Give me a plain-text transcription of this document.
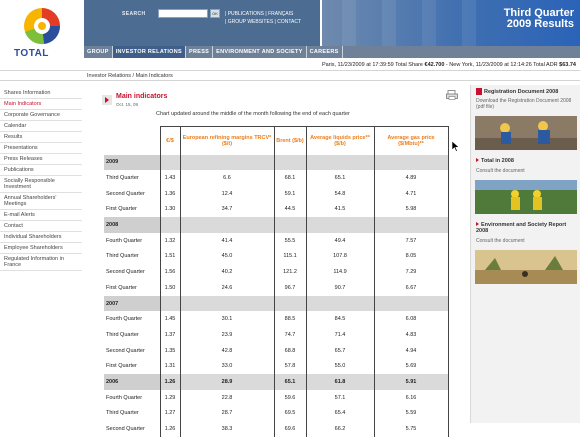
TOTAL
SEARCH	OK	| PUBLICATIONS | FRANÇAIS
| GROUP WEBSITES | CONTACT
Third Quarter
2009 Results
GROUP	INVESTOR RELATIONS	PRESS	ENVIRONMENT AND SOCIETY	CAREERS
Paris, 11/23/2009 at 17:39:59 Total Share €42.700 - New York, 11/23/2009 at 12:14:26 Total ADR $63.74
Investor Relations / Main Indicators
Shares Information
Main Indicators
Corporate Governance
Calendar
Results
Presentations
Press Releases
Publications
Socially Responsible Investment
Annual Shareholders' Meetings
E-mail Alerts
Contact
Individual Shareholders
Employee Shareholders
Regulated Information in France
Main indicators
Oct. 15, 09
Chart updated around the middle of the month following the end of each quarter
	€/$	European refining margins TRCV* ($/t)	Brent ($/b)	Average liquids price** ($/b)	Average gas price ($/Mbtu)**
2009					
Third Quarter	1.43	6.6	68.1	65.1	4.89
Second Quarter	1.36	12.4	59.1	54.8	4.71
First Quarter	1.30	34.7	44.5	41.5	5.98
2008					
Fourth Quarter	1.32	41.4	55.5	49.4	7.57
Third Quarter	1.51	45.0	115.1	107.8	8.05
Second Quarter	1.56	40.2	121.2	114.9	7.29
First Quarter	1.50	24.6	96.7	90.7	6.67
2007					
Fourth Quarter	1.45	30.1	88.5	84.5	6.08
Third Quarter	1.37	23.9	74.7	71.4	4.83
Second Quarter	1.35	42.8	68.8	65.7	4.94
First Quarter	1.31	33.0	57.8	55.0	5.69
2006	1.26	28.9	65.1	61.8	5.91
Fourth Quarter	1.29	22.8	59.6	57.1	6.16
Third Quarter	1.27	28.7	69.5	65.4	5.59
Second Quarter	1.26	38.3	69.6	66.2	5.75
Registration Document 2008
Download the Registration Document 2008 (pdf file)
Total in 2008
Consult the document
Environment and Society Report 2008
Consult the document
